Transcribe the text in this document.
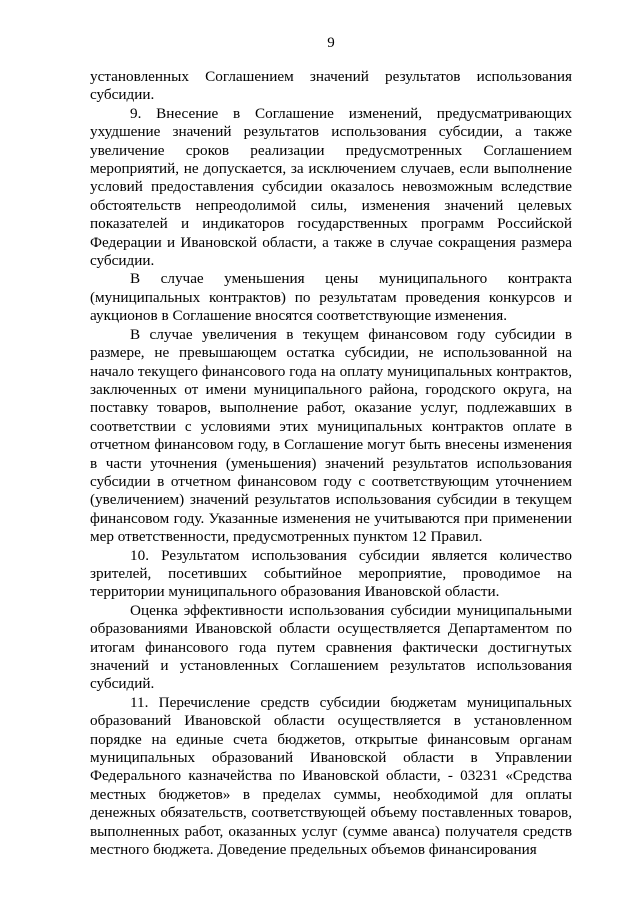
9

установленных Соглашением значений результатов использования субсидии.

9. Внесение в Соглашение изменений, предусматривающих ухудшение значений результатов использования субсидии, а также увеличение сроков реализации предусмотренных Соглашением мероприятий, не допускается, за исключением случаев, если выполнение условий предоставления субсидии оказалось невозможным вследствие обстоятельств непреодолимой силы, изменения значений целевых показателей и индикаторов государственных программ Российской Федерации и Ивановской области, а также в случае сокращения размера субсидии.

В случае уменьшения цены муниципального контракта (муниципальных контрактов) по результатам проведения конкурсов и аукционов в Соглашение вносятся соответствующие изменения.

В случае увеличения в текущем финансовом году субсидии в размере, не превышающем остатка субсидии, не использованной на начало текущего финансового года на оплату муниципальных контрактов, заключенных от имени муниципального района, городского округа, на поставку товаров, выполнение работ, оказание услуг, подлежавших в соответствии с условиями этих муниципальных контрактов оплате в отчетном финансовом году, в Соглашение могут быть внесены изменения в части уточнения (уменьшения) значений результатов использования субсидии в отчетном финансовом году с соответствующим уточнением (увеличением) значений результатов использования субсидии в текущем финансовом году. Указанные изменения не учитываются при применении мер ответственности, предусмотренных пунктом 12 Правил.

10. Результатом использования субсидии является количество зрителей, посетивших событийное мероприятие, проводимое на территории муниципального образования Ивановской области.

Оценка эффективности использования субсидии муниципальными образованиями Ивановской области осуществляется Департаментом по итогам финансового года путем сравнения фактически достигнутых значений и установленных Соглашением результатов использования субсидий.

11. Перечисление средств субсидии бюджетам муниципальных образований Ивановской области осуществляется в установленном порядке на единые счета бюджетов, открытые финансовым органам муниципальных образований Ивановской области в Управлении Федерального казначейства по Ивановской области, - 03231 «Средства местных бюджетов» в пределах суммы, необходимой для оплаты денежных обязательств, соответствующей объему поставленных товаров, выполненных работ, оказанных услуг (сумме аванса) получателя средств местного бюджета. Доведение предельных объемов финансирования
